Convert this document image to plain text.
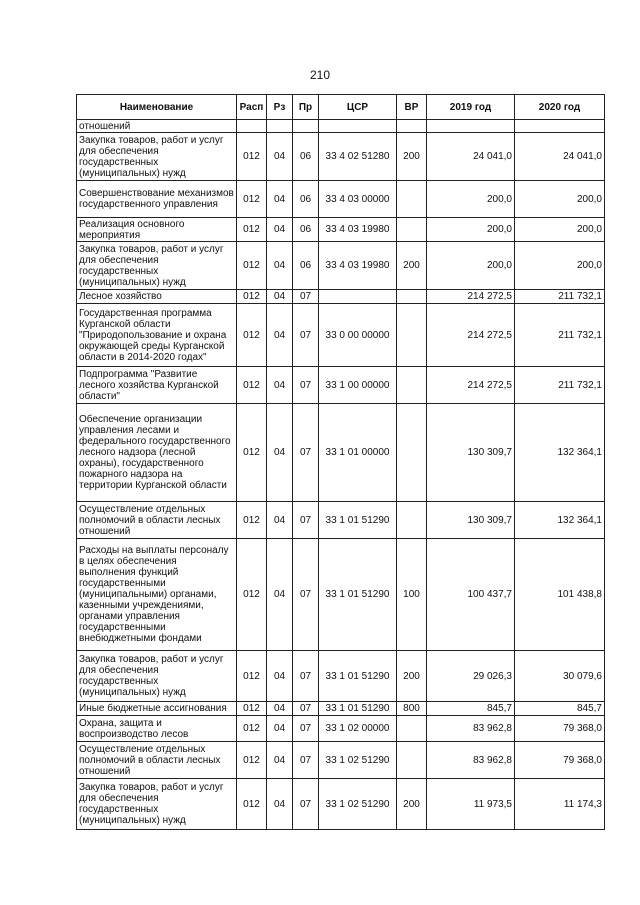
210
Наименование	Расп	Рз	Пр	ЦСР	ВР	2019 год	2020 год
отношений							
Закупка товаров, работ и услуг для обеспечения государственных (муниципальных) нужд	012	04	06	33 4 02 51280	200	24 041,0	24 041,0
Совершенствование механизмов государственного управления	012	04	06	33 4 03 00000		200,0	200,0
Реализация основного мероприятия	012	04	06	33 4 03 19980		200,0	200,0
Закупка товаров, работ и услуг для обеспечения государственных (муниципальных) нужд	012	04	06	33 4 03 19980	200	200,0	200,0
Лесное хозяйство	012	04	07			214 272,5	211 732,1
Государственная программа Курганской области "Природопользование и охрана окружающей среды Курганской области в 2014-2020 годах"	012	04	07	33 0 00 00000		214 272,5	211 732,1
Подпрограмма "Развитие лесного хозяйства Курганской области"	012	04	07	33 1 00 00000		214 272,5	211 732,1
Обеспечение организации управления лесами и федерального государственного лесного надзора (лесной охраны), государственного пожарного надзора на территории Курганской области	012	04	07	33 1 01 00000		130 309,7	132 364,1
Осуществление отдельных полномочий в области лесных отношений	012	04	07	33 1 01 51290		130 309,7	132 364,1
Расходы на выплаты персоналу в целях обеспечения выполнения функций государственными (муниципальными) органами, казенными учреждениями, органами управления государственными внебюджетными фондами	012	04	07	33 1 01 51290	100	100 437,7	101 438,8
Закупка товаров, работ и услуг для обеспечения государственных (муниципальных) нужд	012	04	07	33 1 01 51290	200	29 026,3	30 079,6
Иные бюджетные ассигнования	012	04	07	33 1 01 51290	800	845,7	845,7
Охрана, защита и воспроизводство лесов	012	04	07	33 1 02 00000		83 962,8	79 368,0
Осуществление отдельных полномочий в области лесных отношений	012	04	07	33 1 02 51290		83 962,8	79 368,0
Закупка товаров, работ и услуг для обеспечения государственных (муниципальных) нужд	012	04	07	33 1 02 51290	200	11 973,5	11 174,3
